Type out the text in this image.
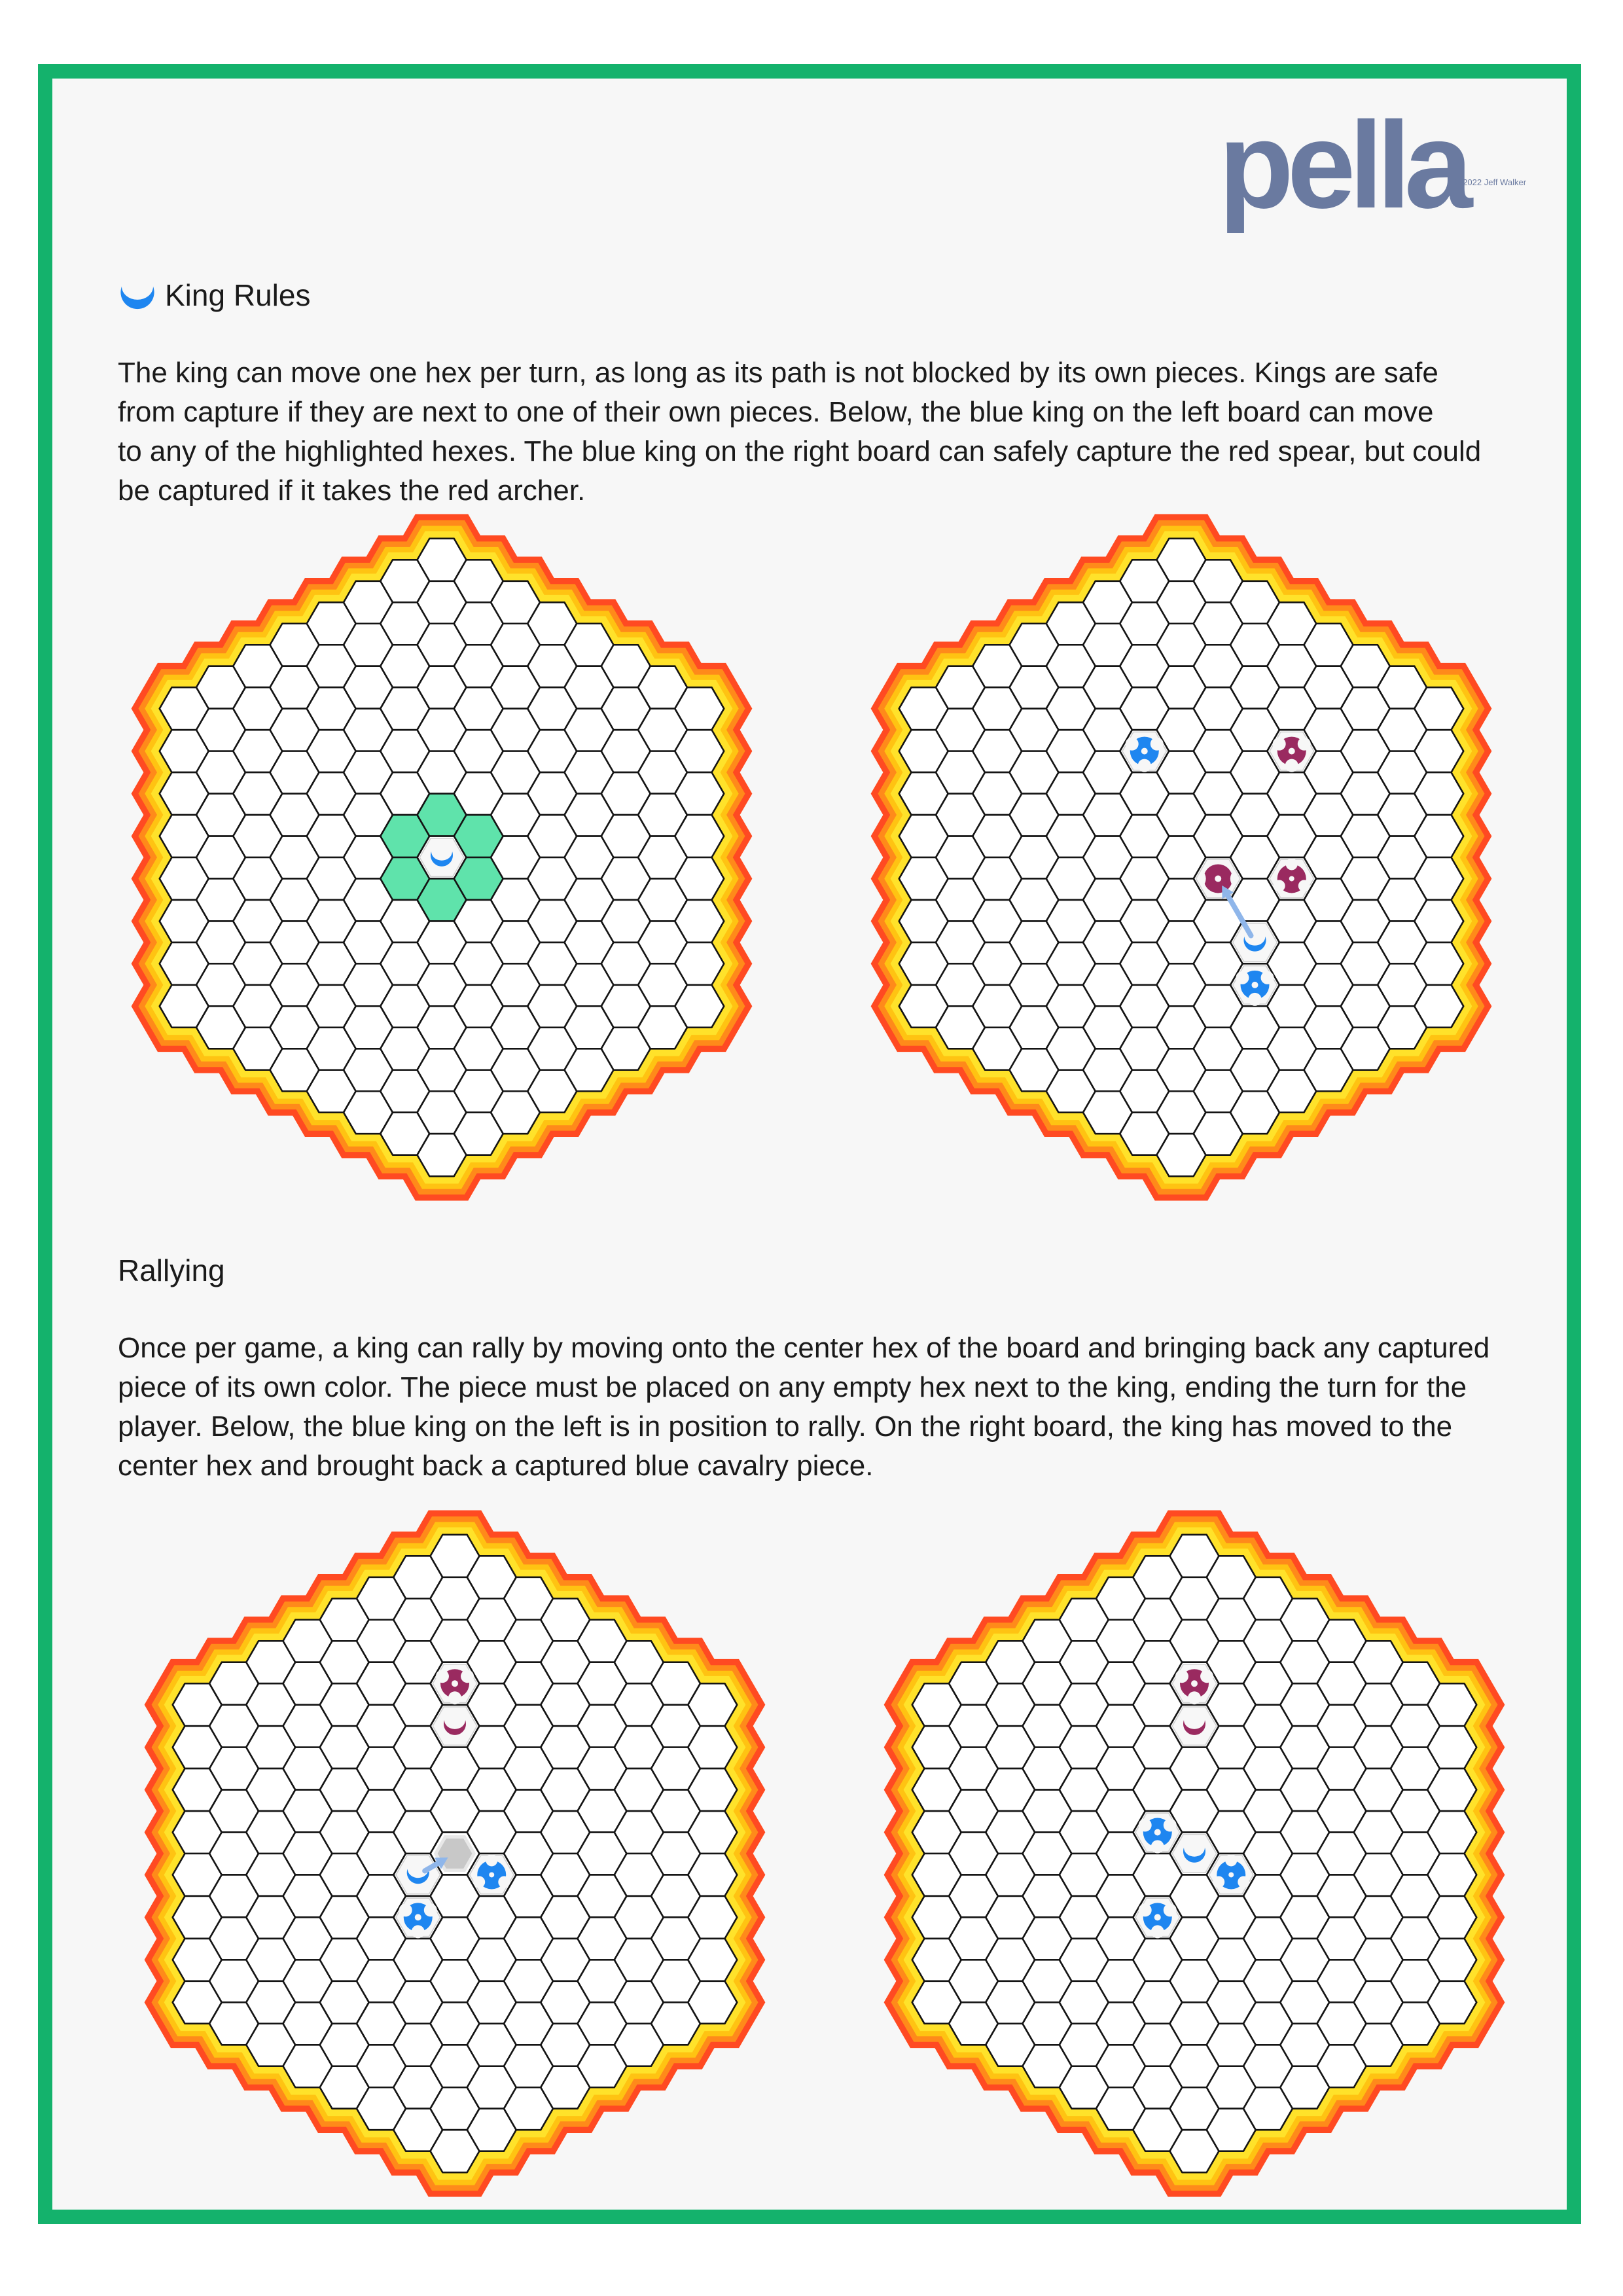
pella
© 2022 Jeff Walker
King Rules
The king can move one hex per turn, as long as its path is not blocked by its own pieces. Kings are safe
from capture if they are next to one of their own pieces. Below, the blue king on the left board can move
to any of the highlighted hexes. The blue king on the right board can safely capture the red spear, but could
be captured if it takes the red archer.
Rallying
Once per game, a king can rally by moving onto the center hex of the board and bringing back any captured
piece of its own color. The piece must be placed on any empty hex next to the king, ending the turn for the
player. Below, the blue king on the left is in position to rally. On the right board, the king has moved to the
center hex and brought back a captured blue cavalry piece.
